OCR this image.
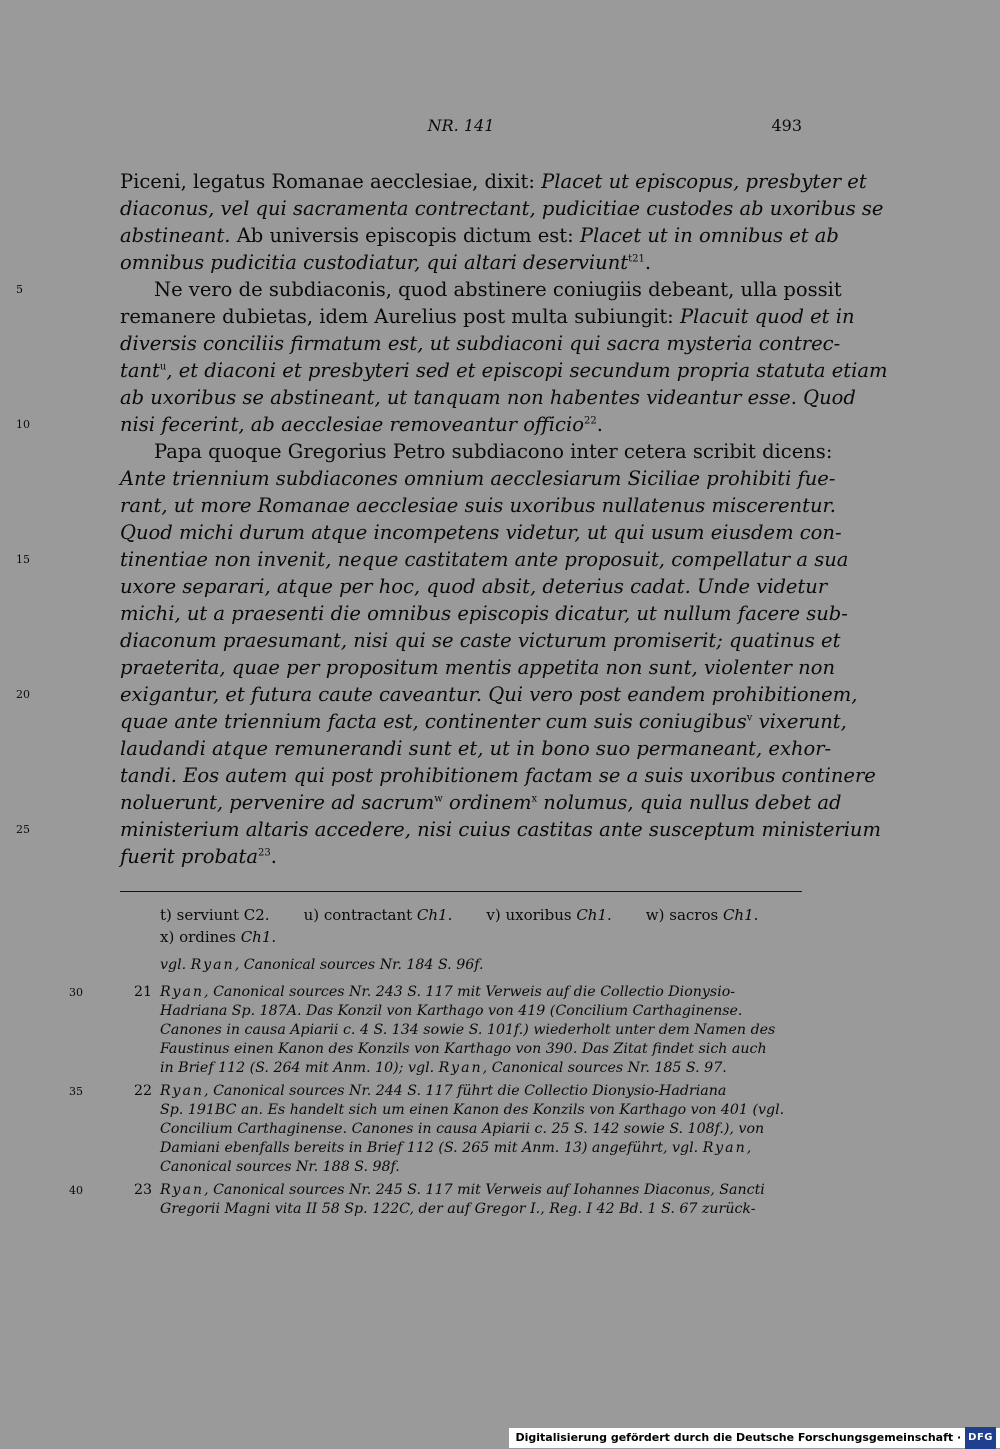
NR. 141	493
Piceni, legatus Romanae aecclesiae, dixit: Placet ut episcopus, presbyter et
diaconus, vel qui sacramenta contrectant, pudicitiae custodes ab uxoribus se
abstineant. Ab universis episcopis dictum est: Placet ut in omnibus et ab
omnibus pudicitia custodiatur, qui altari deserviunt$^{t21}$.
5	Ne vero de subdiaconis, quod abstinere coniugiis debeant, ulla possit
remanere dubietas, idem Aurelius post multa subiungit: Placuit quod et in
diversis conciliis firmatum est, ut subdiaconi qui sacra mysteria contrec-
tant$^u$, et diaconi et presbyteri sed et episcopi secundum propria statuta etiam
ab uxoribus se abstineant, ut tanquam non habentes videantur esse. Quod
10	nisi fecerint, ab aecclesiae removeantur officio$^{22}$.
Papa quoque Gregorius Petro subdiacono inter cetera scribit dicens:
Ante triennium subdiacones omnium aecclesiarum Siciliae prohibiti fue-
rant, ut more Romanae aecclesiae suis uxoribus nullatenus miscerentur.
Quod michi durum atque incompetens videtur, ut qui usum eiusdem con-
15	tinentiae non invenit, neque castitatem ante proposuit, compellatur a sua
uxore separari, atque per hoc, quod absit, deterius cadat. Unde videtur
michi, ut a praesenti die omnibus episcopis dicatur, ut nullum facere sub-
diaconum praesumant, nisi qui se caste victurum promiserit; quatinus et
praeterita, quae per propositum mentis appetita non sunt, violenter non
20	exigantur, et futura caute caveantur. Qui vero post eandem prohibitionem,
quae ante triennium facta est, continenter cum suis coniugibus$^v$ vixerunt,
laudandi atque remunerandi sunt et, ut in bono suo permaneant, exhor-
tandi. Eos autem qui post prohibitionem factam se a suis uxoribus continere
noluerunt, pervenire ad sacrum$^w$ ordinem$^x$ nolumus, quia nullus debet ad
25	ministerium altaris accedere, nisi cuius castitas ante susceptum ministerium
fuerit probata$^{23}$.
t) serviunt C2. u) contractant Ch1. v) uxoribus Ch1. w) sacros Ch1.
x) ordines Ch1.
vgl. Ryan, Canonical sources Nr. 184 S. 96f.
30	21 Ryan, Canonical sources Nr. 243 S. 117 mit Verweis auf die Collectio Dionysio-
Hadriana Sp. 187A. Das Konzil von Karthago von 419 (Concilium Carthaginense.
Canones in causa Apiarii c. 4 S. 134 sowie S. 101f.) wiederholt unter dem Namen des
Faustinus einen Kanon des Konzils von Karthago von 390. Das Zitat findet sich auch
in Brief 112 (S. 264 mit Anm. 10); vgl. Ryan, Canonical sources Nr. 185 S. 97.
35	22 Ryan, Canonical sources Nr. 244 S. 117 führt die Collectio Dionysio-Hadriana
Sp. 191BC an. Es handelt sich um einen Kanon des Konzils von Karthago von 401 (vgl.
Concilium Carthaginense. Canones in causa Apiarii c. 25 S. 142 sowie S. 108f.), von
Damiani ebenfalls bereits in Brief 112 (S. 265 mit Anm. 13) angeführt, vgl. Ryan,
Canonical sources Nr. 188 S. 98f.
40	23 Ryan, Canonical sources Nr. 245 S. 117 mit Verweis auf Iohannes Diaconus, Sancti
Gregorii Magni vita II 58 Sp. 122C, der auf Gregor I., Reg. I 42 Bd. 1 S. 67 zurück-
Digitalisierung gefördert durch die Deutsche Forschungsgemeinschaft · DFG
